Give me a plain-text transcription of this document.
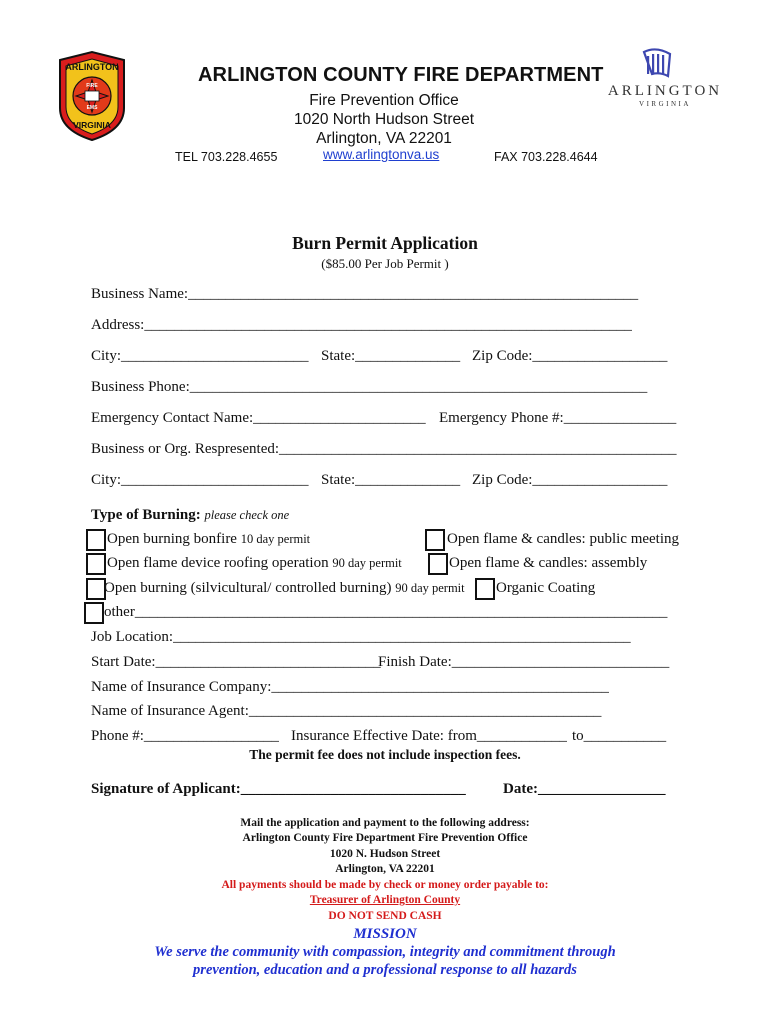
ARLINGTON
VIRGINIA
FIRE
EMS
ARLINGTON COUNTY FIRE DEPARTMENT
Fire Prevention Office
1020 North Hudson Street
Arlington, VA 22201
TEL 703.228.4655	www.arlingtonva.us	FAX 703.228.4644
ARLINGTON
VIRGINIA
Burn Permit Application
($85.00 Per Job Permit )
Business Name:____________________________________________________________
Address:_________________________________________________________________
City:_________________________ State:______________ Zip Code:__________________
Business Phone:_____________________________________________________________
Emergency Contact Name:_______________________ Emergency Phone #:_______________
Business or Org. Respresented:_____________________________________________________
City:_________________________ State:______________ Zip Code:__________________
Type of Burning: please check one
Open burning bonfire 10 day permit
Open flame device roofing operation 90 day permit
Open burning (silvicultural/ controlled burning) 90 day permit
other_______________________________________________________________________
Open flame & candles: public meeting
Open flame & candles: assembly
Organic Coating
Job Location:_____________________________________________________________
Start Date:______________________________
Finish Date:_____________________________
Name of Insurance Company:_____________________________________________
Name of Insurance Agent:_______________________________________________
Phone #:__________________ Insurance Effective Date: from____________ to___________
The permit fee does not include inspection fees.
Signature of Applicant:______________________________ Date:_________________
Mail the application and payment to the following address:
Arlington County Fire Department Fire Prevention Office
1020 N. Hudson Street
Arlington, VA 22201
All payments should be made by check or money order payable to:
Treasurer of Arlington County
DO NOT SEND CASH
MISSION
We serve the community with compassion, integrity and commitment through
prevention, education and a professional response to all hazards
